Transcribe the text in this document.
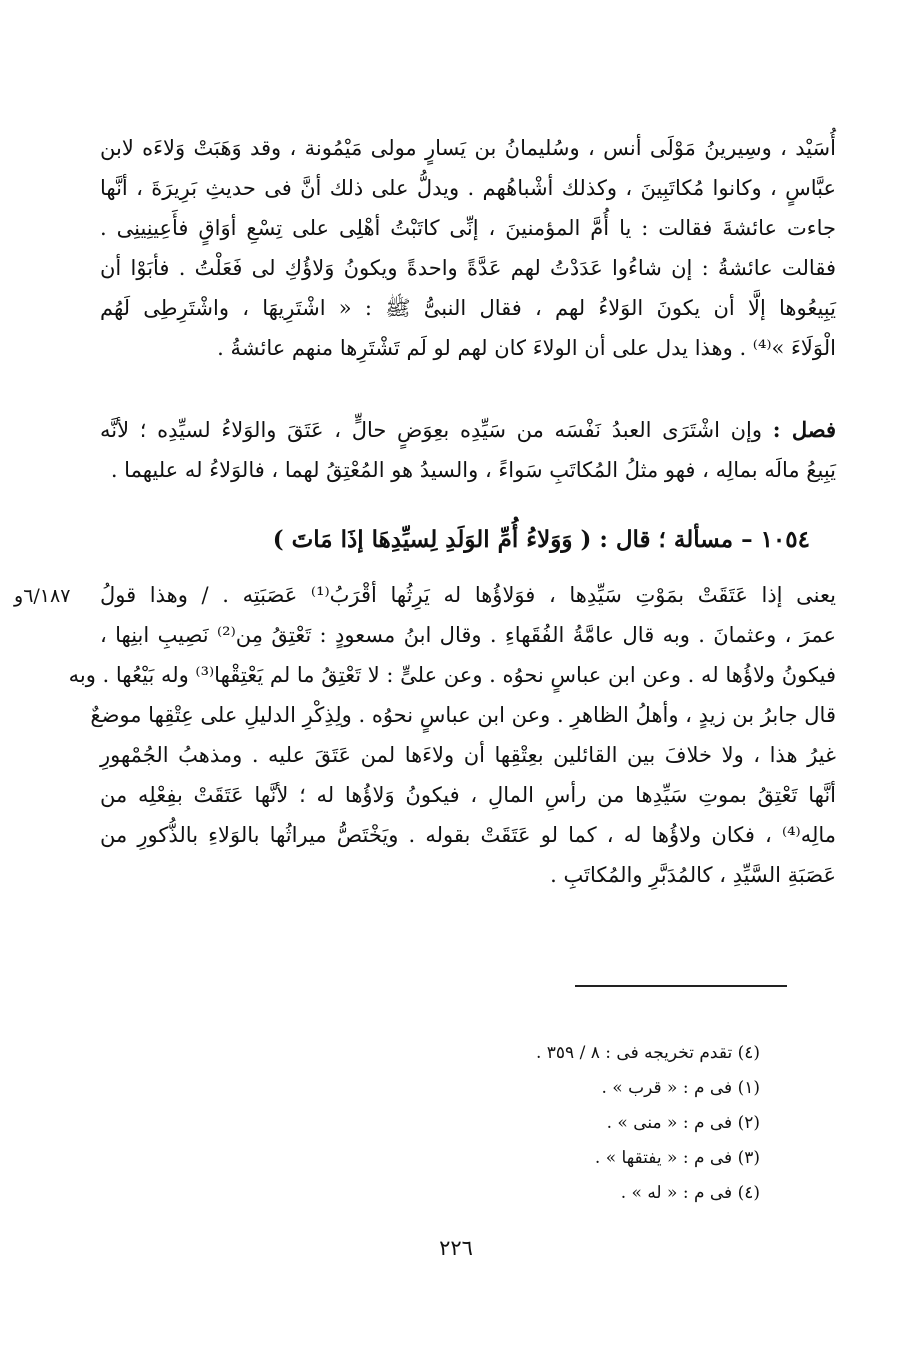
أُسَيْد ، وسِيرينُ مَوْلَى أنس ، وسُليمانُ بن يَسارٍ مولى مَيْمُونة ، وقد وَهَبَتْ وَلاءَه لابن
عبَّاسٍ ، وكانوا مُكاتَبِينَ ، وكذلك أشْباهُهم . ويدلُّ على ذلك أنَّ فى حديثِ بَرِيرَةَ ، أنَّها
جاءت عائشةَ فقالت : يا أُمَّ المؤمنينَ ، إنِّى كاتَبْتُ أهْلِى على تِسْعِ أوَاقٍ فأَعِينِينِى .
فقالت عائشةُ : إن شاءُوا عَدَدْتُ لهم عَدَّةً واحدةً ويكونُ وَلاؤُكِ لى فَعَلْتُ . فأبَوْا أن
يَبِيعُوها إلَّا أن يكونَ الوَلاءُ لهم ، فقال النبىُّ ﷺ : « اشْتَرِيهَا ، واشْتَرِطِى لَهُم
الْوَلَاءَ »⁽⁴⁾ . وهذا يدل على أن الولاءَ كان لهم لو لَم تَشْتَرِها منهم عائشةُ .
فصل : وإن اشْتَرَى العبدُ نَفْسَه من سَيِّدِه بعِوَضٍ حالٍّ ، عَتَقَ والوَلاءُ لسيِّدِه ؛ لأنَّه
يَبِيعُ مالَه بمالِه ، فهو مثلُ المُكاتَبِ سَواءً ، والسيدُ هو المُعْتِقُ لهما ، فالوَلاءُ له عليهما .
١٠٥٤ – مسألة ؛ قال : ( وَوَلاءُ أُمِّ الوَلَدِ لِسيِّدِهَا إذَا مَاتَ )
٦/١٨٧و	يعنى إذا عَتَقَتْ بمَوْتِ سَيِّدِها ، فوَلاؤُها له يَرِثُها أقْرَبُ⁽¹⁾ عَصَبَتِه . / وهذا قولُ
عمرَ ، وعثمانَ . وبه قال عامَّةُ الفُقَهاءِ . وقال ابنُ مسعودٍ : تَعْتِقُ مِن⁽²⁾ نَصِيبِ ابنِها ،
فيكونُ ولاؤُها له . وعن ابن عباسٍ نحوُه . وعن علىٍّ : لا تَعْتِقُ ما لم يَعْتِقْها⁽³⁾ وله بَيْعُها . وبه
قال جابرُ بن زيدٍ ، وأهلُ الظاهرِ . وعن ابن عباسٍ نحوُه . ولِذِكْرِ الدليلِ على عِتْقِها موضعٌ
غيرُ هذا ، ولا خلافَ بين القائلين بعِتْقِها أن ولاءَها لمن عَتَقَ عليه . ومذهبُ الجُمْهورِ
أنَّها تَعْتِقُ بموتِ سَيِّدِها من رأسِ المالِ ، فيكونُ وَلاؤُها له ؛ لأنَّها عَتَقَتْ بفِعْلِه من
مالِه⁽⁴⁾ ، فكان ولاؤُها له ، كما لو عَتَقَتْ بقوله . ويَخْتَصُّ ميراثُها بالوَلاءِ بالذُّكورِ من
عَصَبَةِ السَّيِّدِ ، كالمُدَبَّرِ والمُكاتَبِ .
(٤) تقدم تخريجه فى : ٨ / ٣٥٩ .
(١) فى م : « قرب » .
(٢) فى م : « منى » .
(٣) فى م : « يفتقها » .
(٤) فى م : « له » .
٢٢٦
